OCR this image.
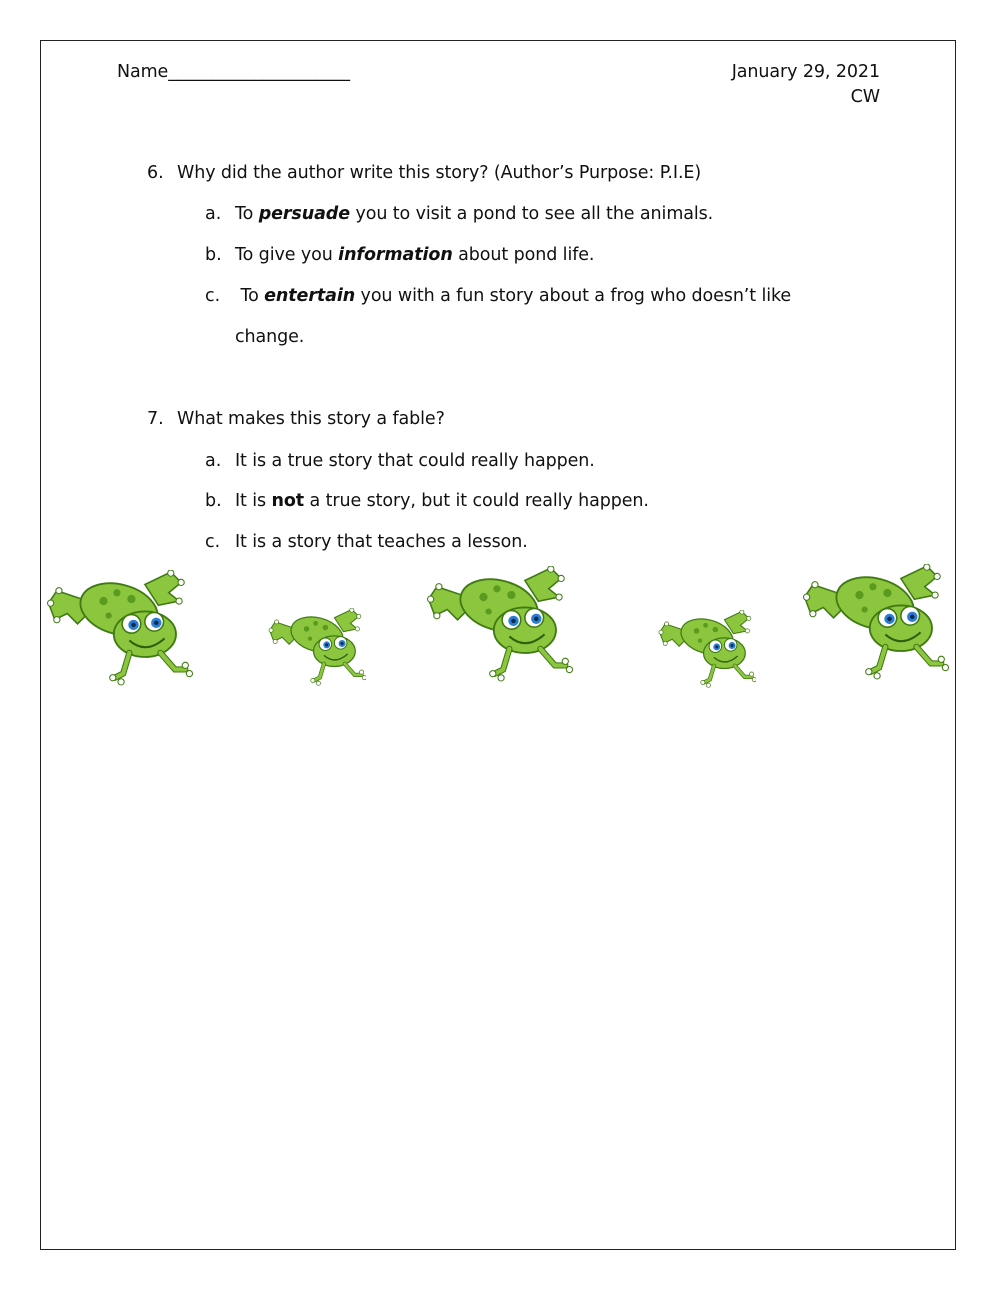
Name_____________________	January 29, 2021
CW
6. Why did the author write this story? (Author’s Purpose: P.I.E)
a. To persuade you to visit a pond to see all the animals.
b. To give you information about pond life.
c. To entertain you with a fun story about a frog who doesn’t like
change.
7. What makes this story a fable?
a. It is a true story that could really happen.
b. It is not a true story, but it could really happen.
c. It is a story that teaches a lesson.
